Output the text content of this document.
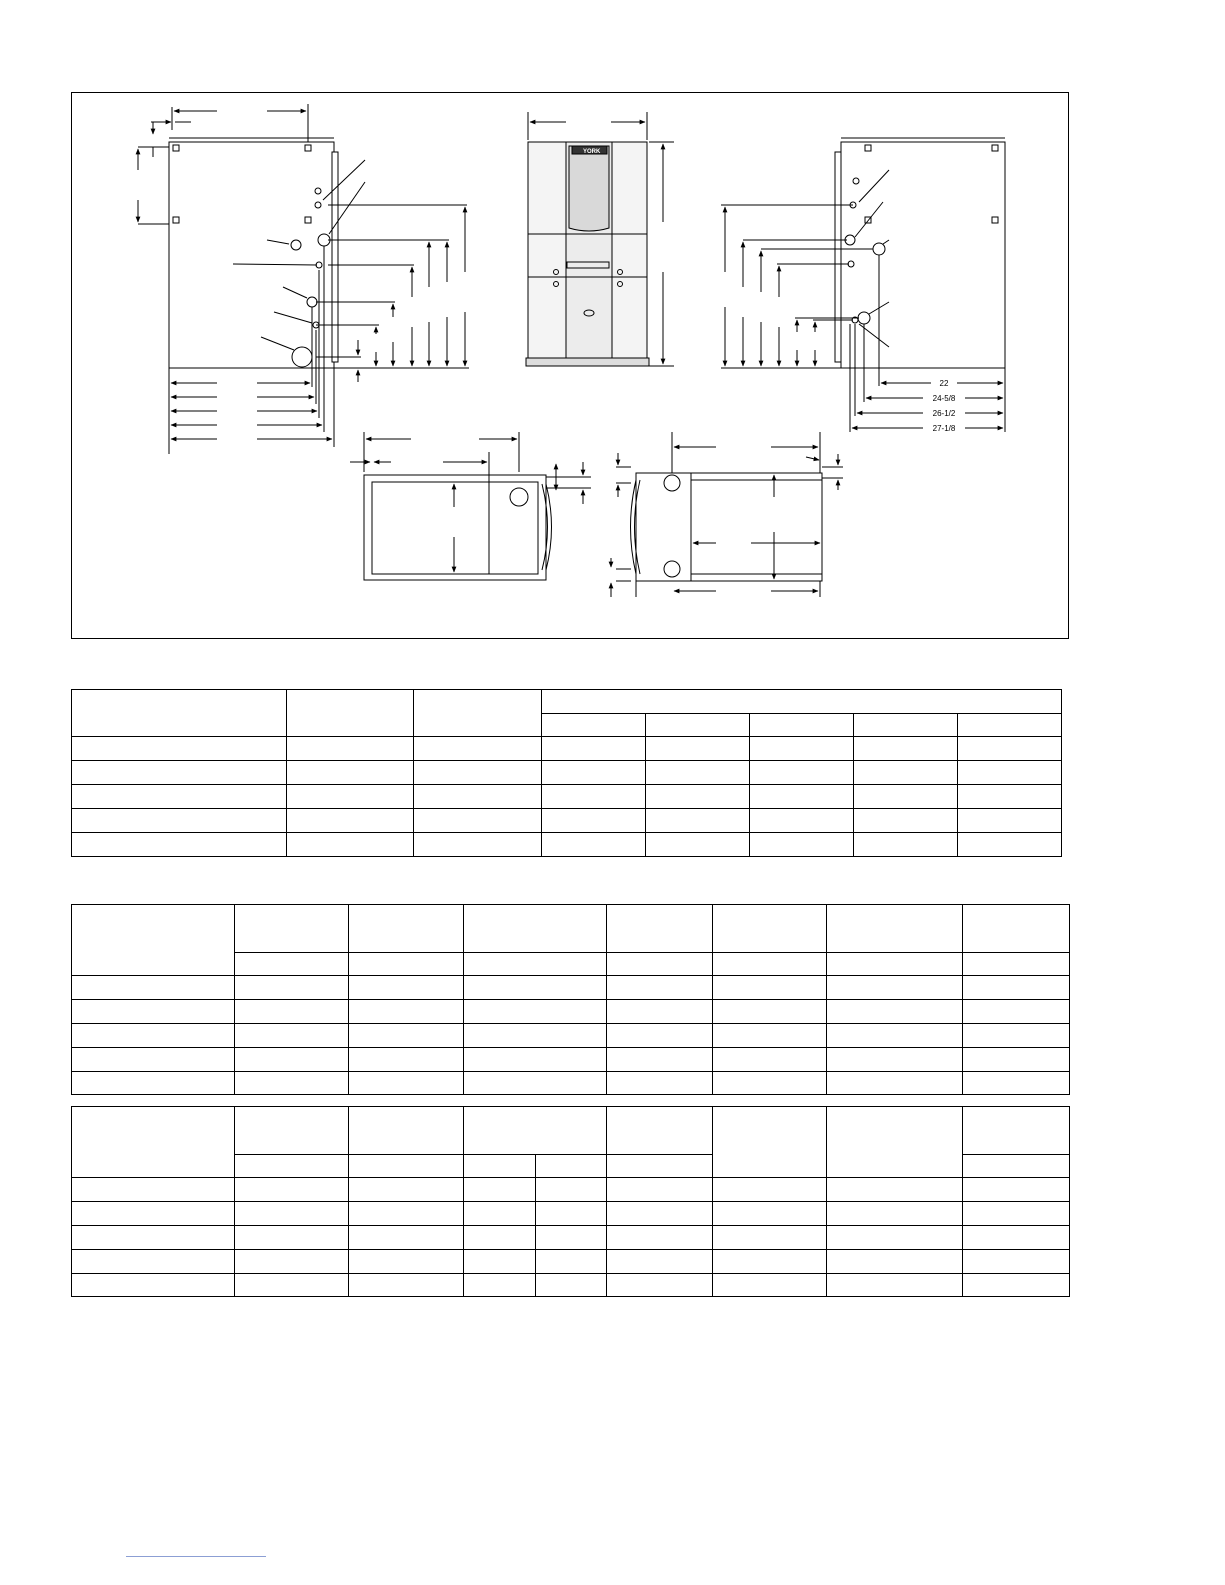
YORK
22
24-5/8
26-1/2
27-1/8
